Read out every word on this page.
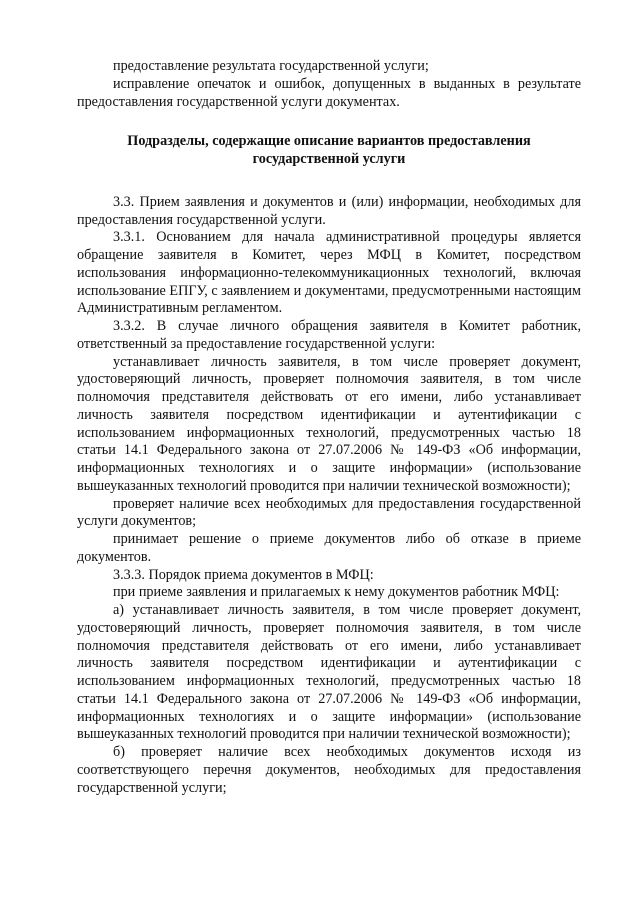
предоставление результата государственной услуги;

исправление опечаток и ошибок, допущенных в выданных в результате предоставления государственной услуги документах.

Подразделы, содержащие описание вариантов предоставления
государственной услуги

3.3. Прием заявления и документов и (или) информации, необходимых для предоставления государственной услуги.

3.3.1. Основанием для начала административной процедуры является обращение заявителя в Комитет, через МФЦ в Комитет, посредством использования информационно-телекоммуникационных технологий, включая использование ЕПГУ, с заявлением и документами, предусмотренными настоящим Административным регламентом.

3.3.2. В случае личного обращения заявителя в Комитет работник, ответственный за предоставление государственной услуги:

устанавливает личность заявителя, в том числе проверяет документ, удостоверяющий личность, проверяет полномочия заявителя, в том числе полномочия представителя действовать от его имени, либо устанавливает личность заявителя посредством идентификации и аутентификации с использованием информационных технологий, предусмотренных частью 18 статьи 14.1 Федерального закона от 27.07.2006 № 149-ФЗ «Об информации, информационных технологиях и о защите информации» (использование вышеуказанных технологий проводится при наличии технической возможности);

проверяет наличие всех необходимых для предоставления государственной услуги документов;

принимает решение о приеме документов либо об отказе в приеме документов.

3.3.3. Порядок приема документов в МФЦ:

при приеме заявления и прилагаемых к нему документов работник МФЦ:

а) устанавливает личность заявителя, в том числе проверяет документ, удостоверяющий личность, проверяет полномочия заявителя, в том числе полномочия представителя действовать от его имени, либо устанавливает личность заявителя посредством идентификации и аутентификации с использованием информационных технологий, предусмотренных частью 18 статьи 14.1 Федерального закона от 27.07.2006 № 149-ФЗ «Об информации, информационных технологиях и о защите информации» (использование вышеуказанных технологий проводится при наличии технической возможности);

б) проверяет наличие всех необходимых документов исходя из соответствующего перечня документов, необходимых для предоставления государственной услуги;
